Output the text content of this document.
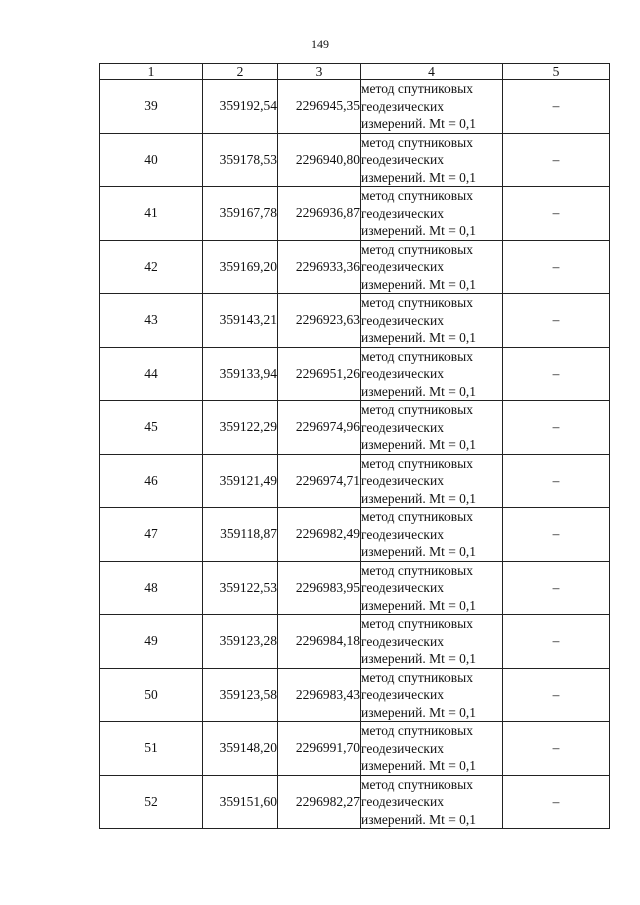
149
1	2	3	4	5
39	359192,54	2296945,35	метод спутниковых
геодезических
измерений. Mt = 0,1	–
40	359178,53	2296940,80	метод спутниковых
геодезических
измерений. Mt = 0,1	–
41	359167,78	2296936,87	метод спутниковых
геодезических
измерений. Mt = 0,1	–
42	359169,20	2296933,36	метод спутниковых
геодезических
измерений. Mt = 0,1	–
43	359143,21	2296923,63	метод спутниковых
геодезических
измерений. Mt = 0,1	–
44	359133,94	2296951,26	метод спутниковых
геодезических
измерений. Mt = 0,1	–
45	359122,29	2296974,96	метод спутниковых
геодезических
измерений. Mt = 0,1	–
46	359121,49	2296974,71	метод спутниковых
геодезических
измерений. Mt = 0,1	–
47	359118,87	2296982,49	метод спутниковых
геодезических
измерений. Mt = 0,1	–
48	359122,53	2296983,95	метод спутниковых
геодезических
измерений. Mt = 0,1	–
49	359123,28	2296984,18	метод спутниковых
геодезических
измерений. Mt = 0,1	–
50	359123,58	2296983,43	метод спутниковых
геодезических
измерений. Mt = 0,1	–
51	359148,20	2296991,70	метод спутниковых
геодезических
измерений. Mt = 0,1	–
52	359151,60	2296982,27	метод спутниковых
геодезических
измерений. Mt = 0,1	–
